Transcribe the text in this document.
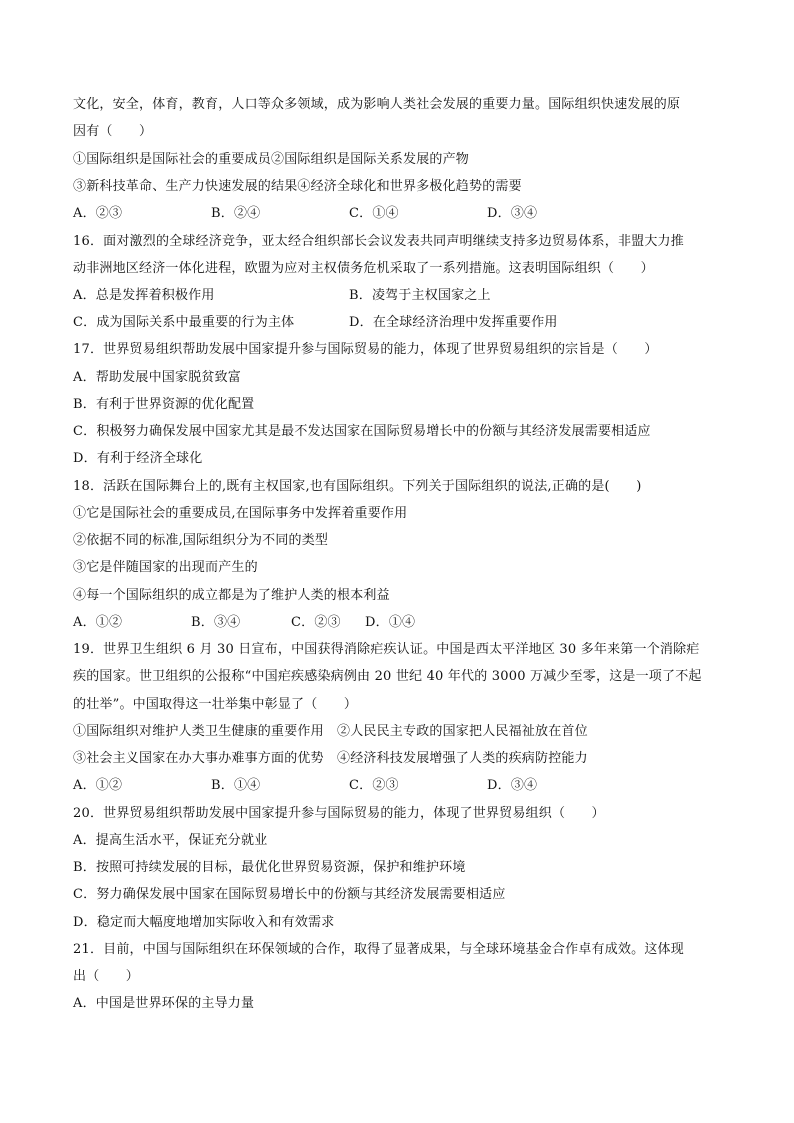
文化，安全，体育，教育，人口等众多领域，成为影响人类社会发展的重要力量。国际组织快速发展的原
因有（　　）
①国际组织是国际社会的重要成员②国际组织是国际关系发展的产物
③新科技革命、生产力快速发展的结果④经济全球化和世界多极化趋势的需要
A．②③	B．②④	C．①④	D．③④
16．面对激烈的全球经济竞争，亚太经合组织部长会议发表共同声明继续支持多边贸易体系，非盟大力推
动非洲地区经济一体化进程，欧盟为应对主权债务危机采取了一系列措施。这表明国际组织（　　）
A．总是发挥着积极作用	B．凌驾于主权国家之上
C．成为国际关系中最重要的行为主体	D．在全球经济治理中发挥重要作用
17．世界贸易组织帮助发展中国家提升参与国际贸易的能力，体现了世界贸易组织的宗旨是（　　）
A．帮助发展中国家脱贫致富
B．有利于世界资源的优化配置
C．积极努力确保发展中国家尤其是最不发达国家在国际贸易增长中的份额与其经济发展需要相适应
D．有利于经济全球化
18．活跃在国际舞台上的,既有主权国家,也有国际组织。下列关于国际组织的说法,正确的是(　　)
①它是国际社会的重要成员,在国际事务中发挥着重要作用
②依据不同的标准,国际组织分为不同的类型
③它是伴随国家的出现而产生的
④每一个国际组织的成立都是为了维护人类的根本利益
A．①②	B．③④	C．②③	D．①④
19．世界卫生组织 6 月 30 日宣布，中国获得消除疟疾认证。中国是西太平洋地区 30 多年来第一个消除疟
疾的国家。世卫组织的公报称“中国疟疾感染病例由 20 世纪 40 年代的 3000 万减少至零，这是一项了不起
的壮举”。中国取得这一壮举集中彰显了（　　）
①国际组织对维护人类卫生健康的重要作用　②人民民主专政的国家把人民福祉放在首位
③社会主义国家在办大事办难事方面的优势　④经济科技发展增强了人类的疾病防控能力
A．①②	B．①④	C．②③	D．③④
20．世界贸易组织帮助发展中国家提升参与国际贸易的能力，体现了世界贸易组织（　　）
A．提高生活水平，保证充分就业
B．按照可持续发展的目标，最优化世界贸易资源，保护和维护环境
C．努力确保发展中国家在国际贸易增长中的份额与其经济发展需要相适应
D．稳定而大幅度地增加实际收入和有效需求
21．目前，中国与国际组织在环保领域的合作，取得了显著成果，与全球环境基金合作卓有成效。这体现
出（　　）
A．中国是世界环保的主导力量
